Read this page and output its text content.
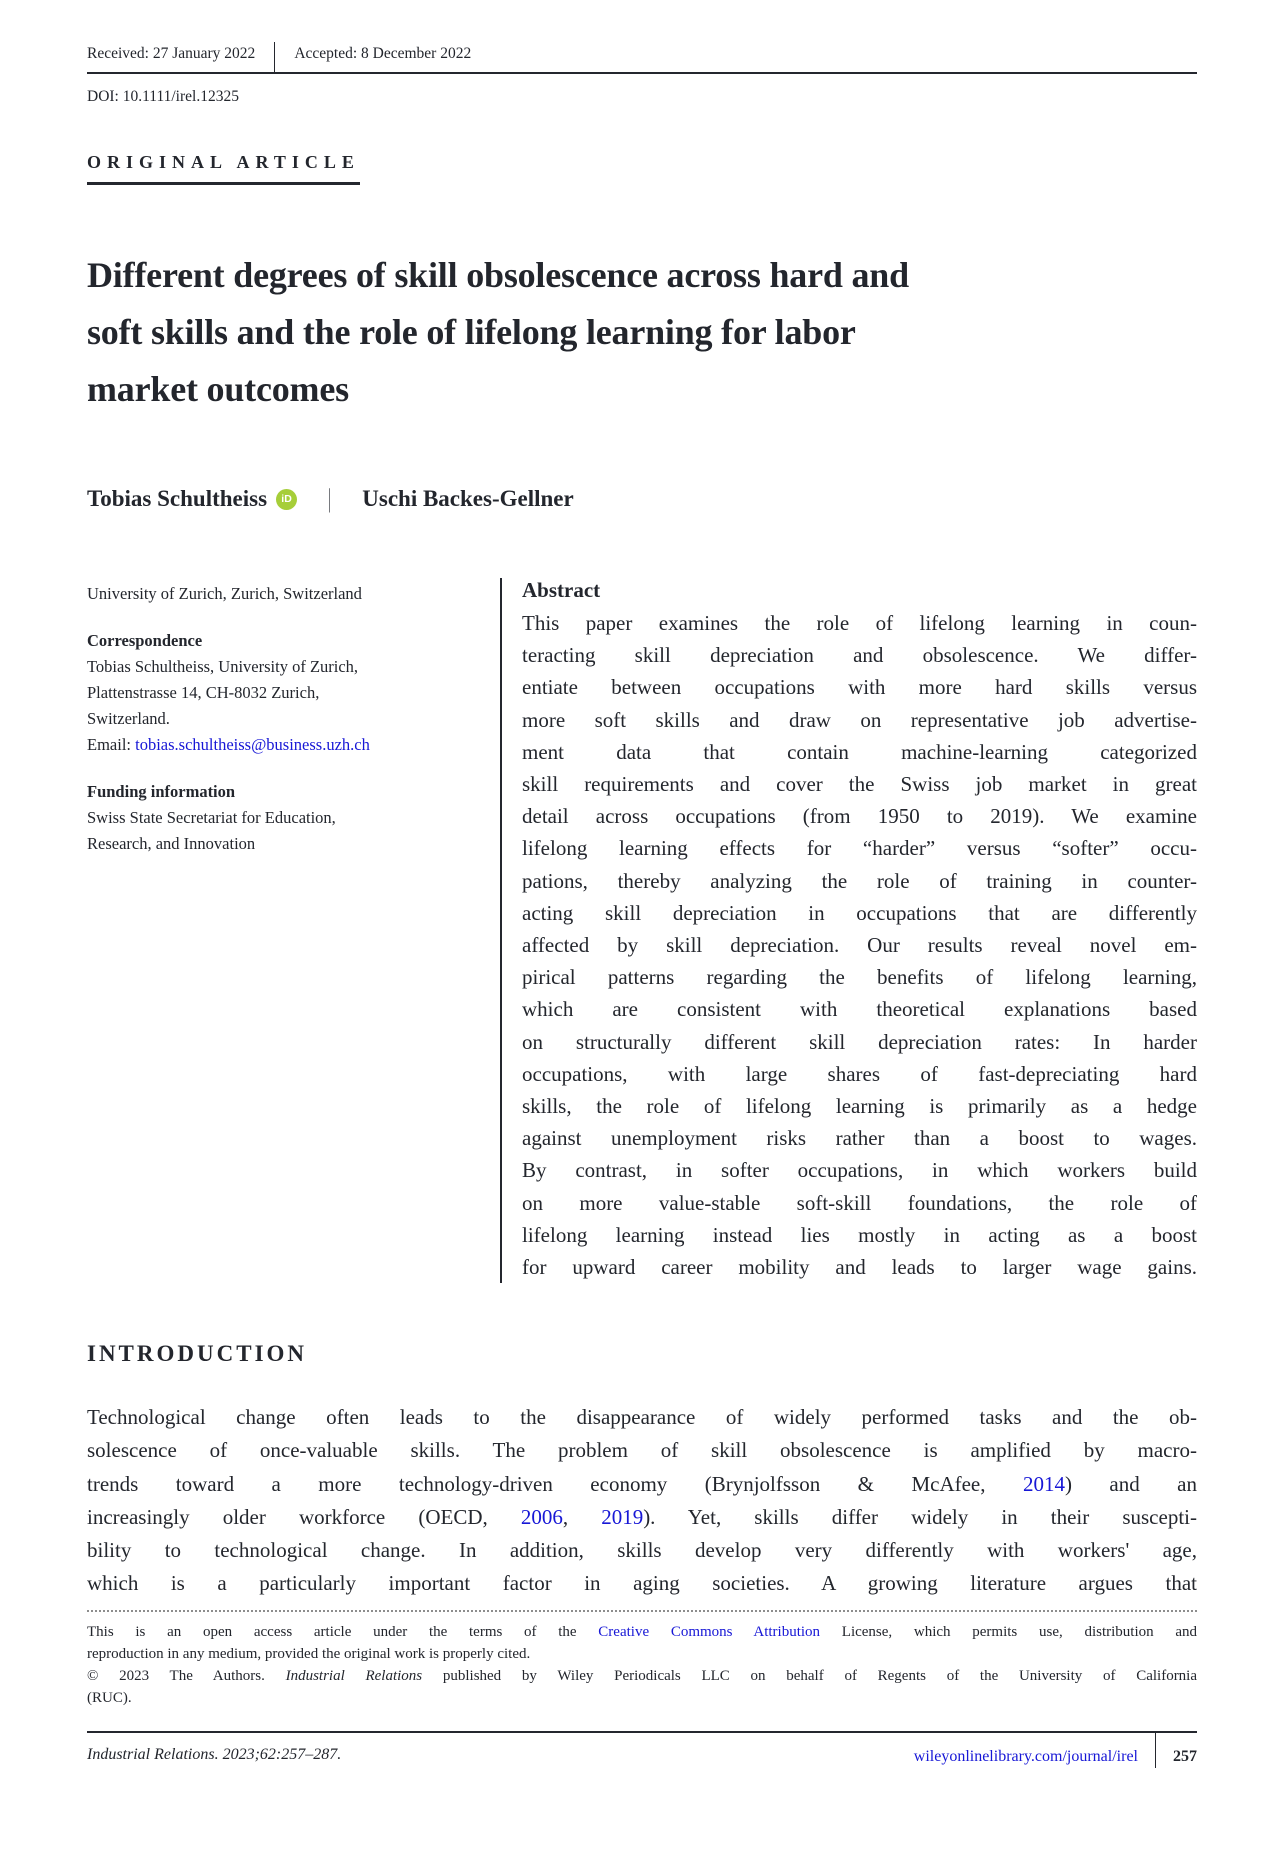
Received: 27 January 2022	Accepted: 8 December 2022
DOI: 10.1111/irel.12325
ORIGINAL ARTICLE
Different degrees of skill obsolescence across hard and
soft skills and the role of lifelong learning for labor
market outcomes
Tobias Schultheiss	iD | Uschi Backes-Gellner
University of Zurich, Zurich, Switzerland
Correspondence
Tobias Schultheiss, University of Zurich,
Plattenstrasse 14, CH-8032 Zurich,
Switzerland.
Email: tobias.schultheiss@business.uzh.ch
Funding information
Swiss State Secretariat for Education,
Research, and Innovation
Abstract
This paper examines the role of lifelong learning in coun-
teracting skill depreciation and obsolescence. We differ-
entiate between occupations with more hard skills versus
more soft skills and draw on representative job advertise-
ment data that contain machine-learning categorized
skill requirements and cover the Swiss job market in great
detail across occupations (from 1950 to 2019). We examine
lifelong learning effects for “harder” versus “softer” occu-
pations, thereby analyzing the role of training in counter-
acting skill depreciation in occupations that are differently
affected by skill depreciation. Our results reveal novel em-
pirical patterns regarding the benefits of lifelong learning,
which are consistent with theoretical explanations based
on structurally different skill depreciation rates: In harder
occupations, with large shares of fast-depreciating hard
skills, the role of lifelong learning is primarily as a hedge
against unemployment risks rather than a boost to wages.
By contrast, in softer occupations, in which workers build
on more value-stable soft-skill foundations, the role of
lifelong learning instead lies mostly in acting as a boost
for upward career mobility and leads to larger wage gains.
INTRODUCTION
Technological change often leads to the disappearance of widely performed tasks and the ob-
solescence of once-valuable skills. The problem of skill obsolescence is amplified by macro-
trends toward a more technology-driven economy (Brynjolfsson & McAfee, 2014) and an
increasingly older workforce (OECD, 2006, 2019). Yet, skills differ widely in their suscepti-
bility to technological change. In addition, skills develop very differently with workers' age,
which is a particularly important factor in aging societies. A growing literature argues that
This is an open access article under the terms of the Creative Commons Attribution License, which permits use, distribution and
reproduction in any medium, provided the original work is properly cited.
© 2023 The Authors. Industrial Relations published by Wiley Periodicals LLC on behalf of Regents of the University of California
(RUC).
Industrial Relations. 2023;62:257–287.	wileyonlinelibrary.com/journal/irel 257
